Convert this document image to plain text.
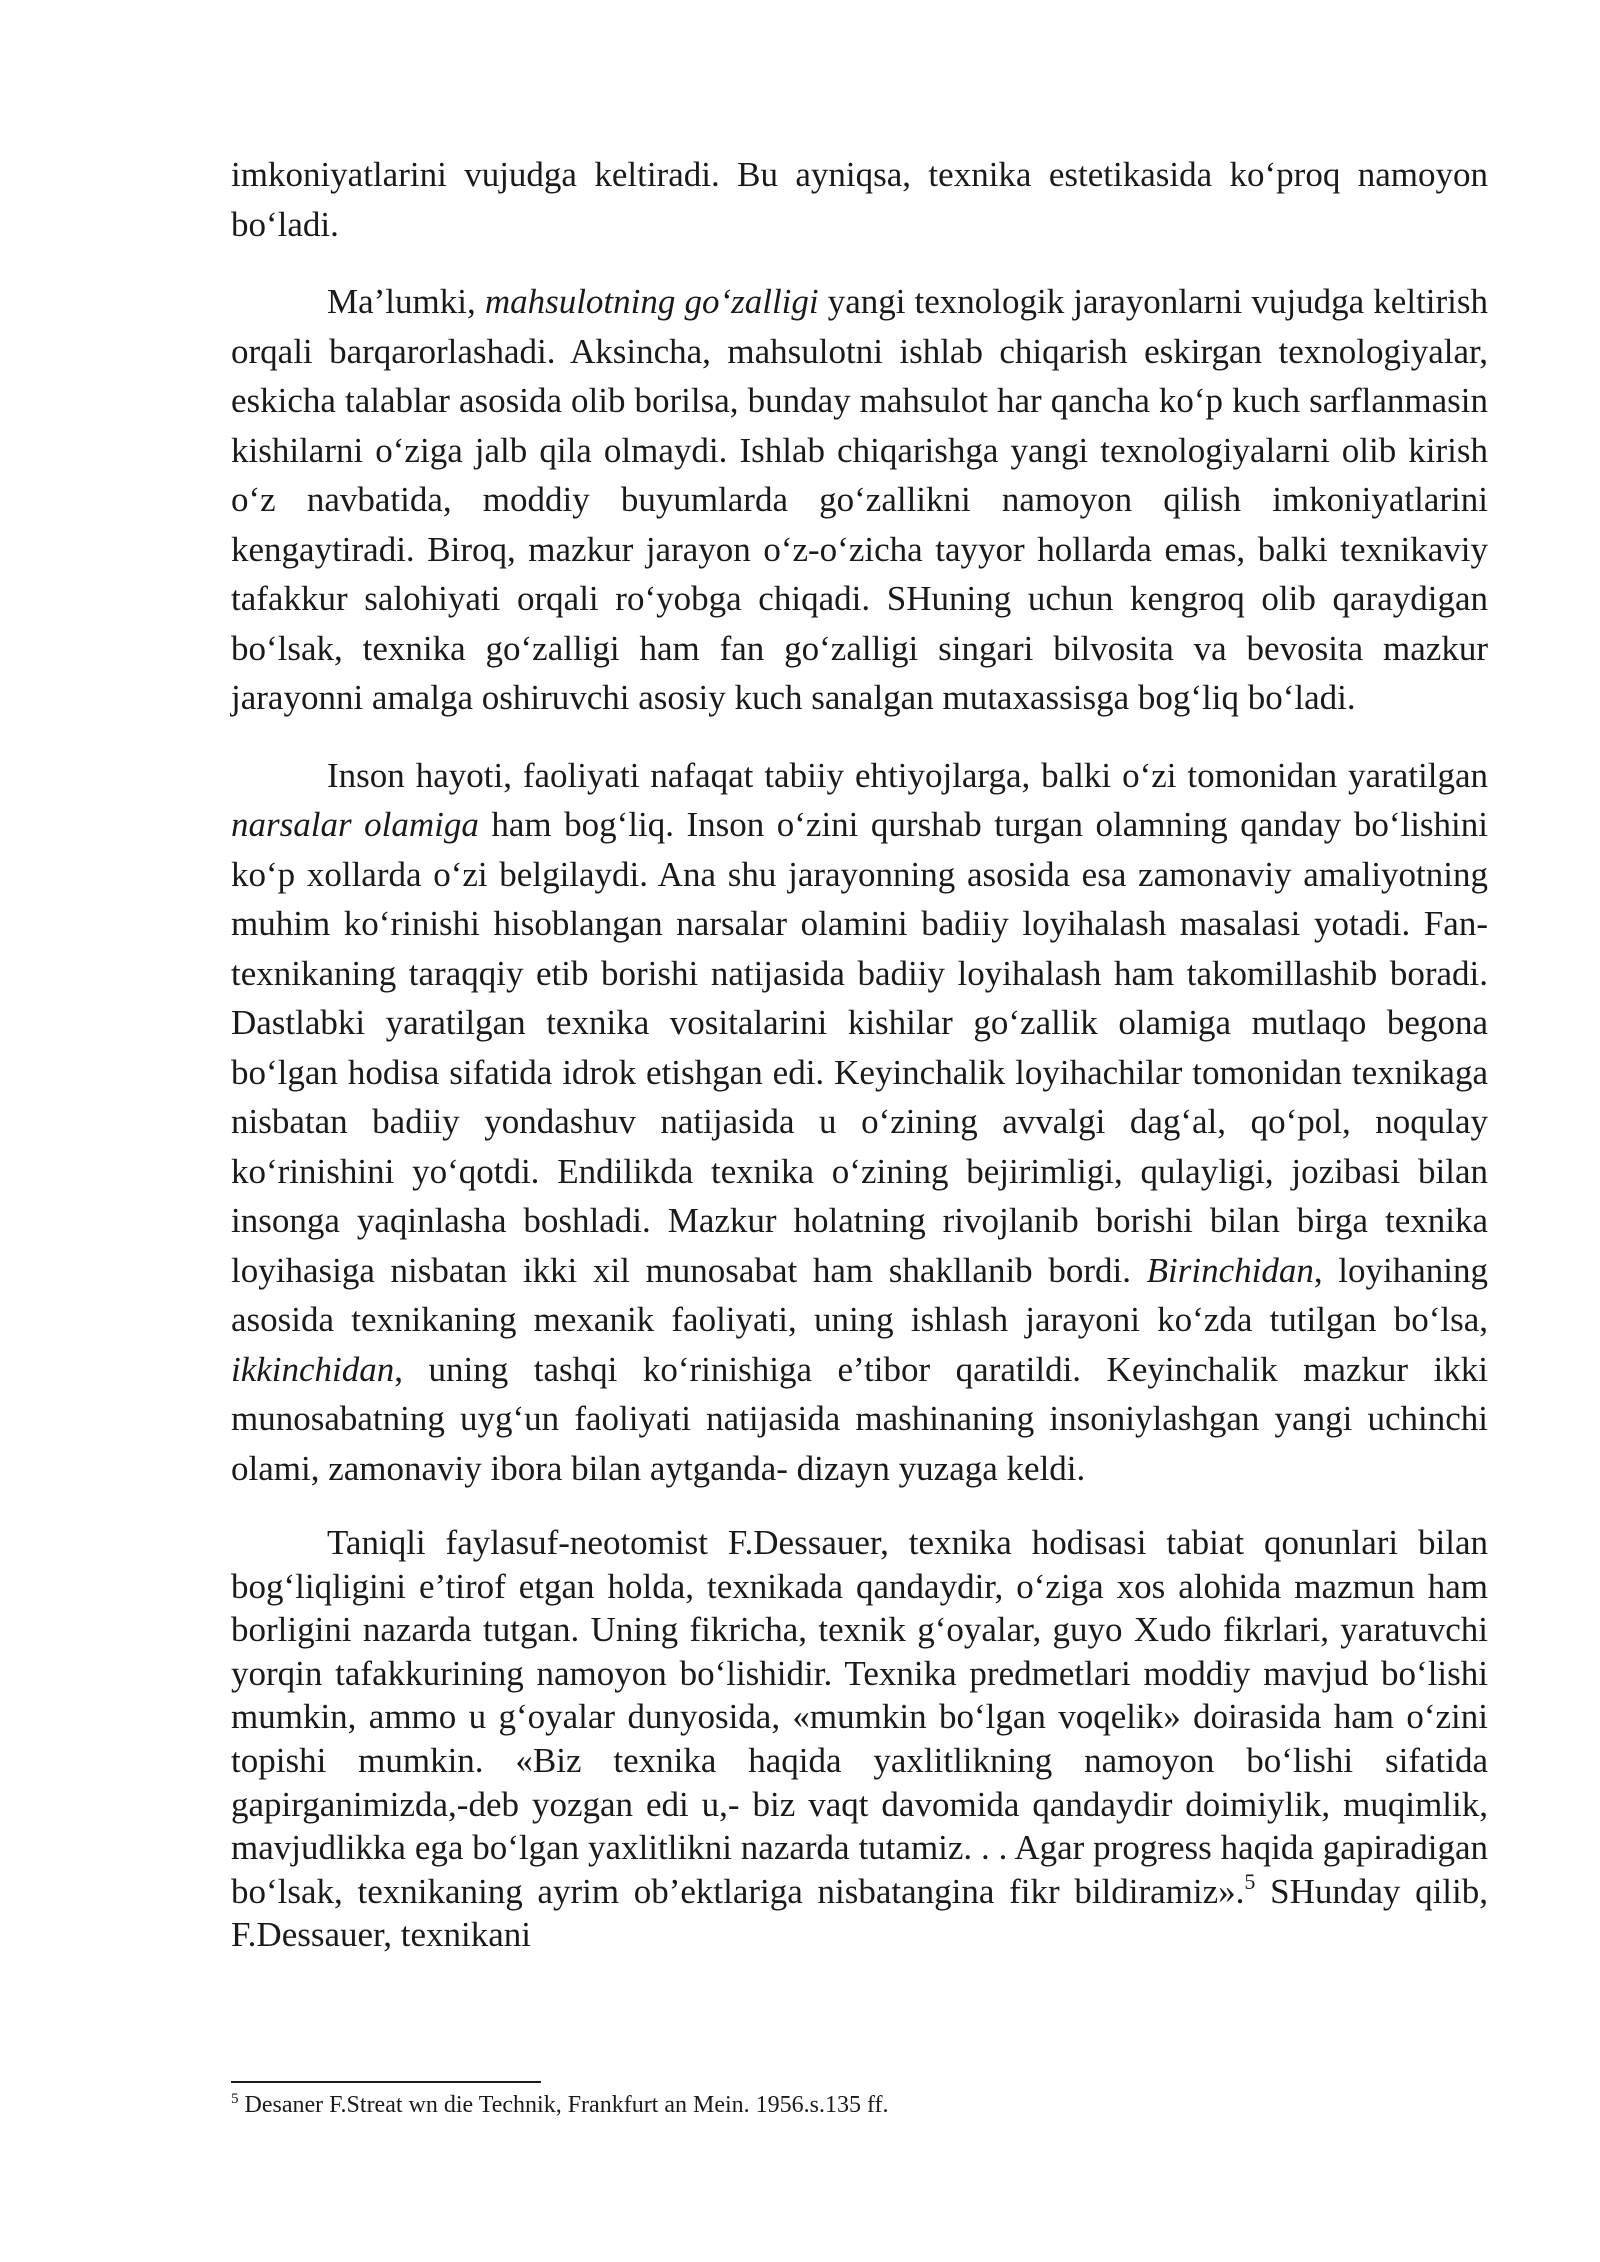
imkoniyatlarini vujudga keltiradi. Bu ayniqsa, texnika estetikasida ko‘proq namoyon bo‘ladi.

Ma’lumki, mahsulotning go‘zalligi yangi texnologik jarayonlarni vujudga keltirish orqali barqarorlashadi. Aksincha, mahsulotni ishlab chiqarish eskirgan texnologiyalar, eskicha talablar asosida olib borilsa, bunday mahsulot har qancha ko‘p kuch sarflanmasin kishilarni o‘ziga jalb qila olmaydi. Ishlab chiqarishga yangi texnologiyalarni olib kirish o‘z navbatida, moddiy buyumlarda go‘zallikni namoyon qilish imkoniyatlarini kengaytiradi. Biroq, mazkur jarayon o‘z-o‘zicha tayyor hollarda emas, balki texnikaviy tafakkur salohiyati orqali ro‘yobga chiqadi. SHuning uchun kengroq olib qaraydigan bo‘lsak, texnika go‘zalligi ham fan go‘zalligi singari bilvosita va bevosita mazkur jarayonni amalga oshiruvchi asosiy kuch sanalgan mutaxassisga bog‘liq bo‘ladi.

Inson hayoti, faoliyati nafaqat tabiiy ehtiyojlarga, balki o‘zi tomonidan yaratilgan narsalar olamiga ham bog‘liq. Inson o‘zini qurshab turgan olamning qanday bo‘lishini ko‘p xollarda o‘zi belgilaydi. Ana shu jarayonning asosida esa zamonaviy amaliyotning muhim ko‘rinishi hisoblangan narsalar olamini badiiy loyihalash masalasi yotadi. Fan-texnikaning taraqqiy etib borishi natijasida badiiy loyihalash ham takomillashib boradi. Dastlabki yaratilgan texnika vositalarini kishilar go‘zallik olamiga mutlaqo begona bo‘lgan hodisa sifatida idrok etishgan edi. Keyinchalik loyihachilar tomonidan texnikaga nisbatan badiiy yondashuv natijasida u o‘zining avvalgi dag‘al, qo‘pol, noqulay ko‘rinishini yo‘qotdi. Endilikda texnika o‘zining bejirimligi, qulayligi, jozibasi bilan insonga yaqinlasha boshladi. Mazkur holatning rivojlanib borishi bilan birga texnika loyihasiga nisbatan ikki xil munosabat ham shakllanib bordi. Birinchidan, loyihaning asosida texnikaning mexanik faoliyati, uning ishlash jarayoni ko‘zda tutilgan bo‘lsa, ikkinchidan, uning tashqi ko‘rinishiga e’tibor qaratildi. Keyinchalik mazkur ikki munosabatning uyg‘un faoliyati natijasida mashinaning insoniylashgan yangi uchinchi olami, zamonaviy ibora bilan aytganda- dizayn yuzaga keldi.

Taniqli faylasuf-neotomist F.Dessauer, texnika hodisasi tabiat qonunlari bilan bog‘liqligini e’tirof etgan holda, texnikada qandaydir, o‘ziga xos alohida mazmun ham borligini nazarda tutgan. Uning fikricha, texnik g‘oyalar, guyo Xudo fikrlari, yaratuvchi yorqin tafakkurining namoyon bo‘lishidir. Texnika predmetlari moddiy mavjud bo‘lishi mumkin, ammo u g‘oyalar dunyosida, «mumkin bo‘lgan voqelik» doirasida ham o‘zini topishi mumkin. «Biz texnika haqida yaxlitlikning namoyon bo‘lishi sifatida gapirganimizda,-deb yozgan edi u,- biz vaqt davomida qandaydir doimiylik, muqimlik, mavjudlikka ega bo‘lgan yaxlitlikni nazarda tutamiz. . . Agar progress haqida gapiradigan bo‘lsak, texnikaning ayrim ob’ektlariga nisbatangina fikr bildiramiz».$^5$ SHunday qilib, F.Dessauer, texnikani

$^5$ Desaner F.Streat wn die Technik, Frankfurt an Mein. 1956.s.135 ff.
